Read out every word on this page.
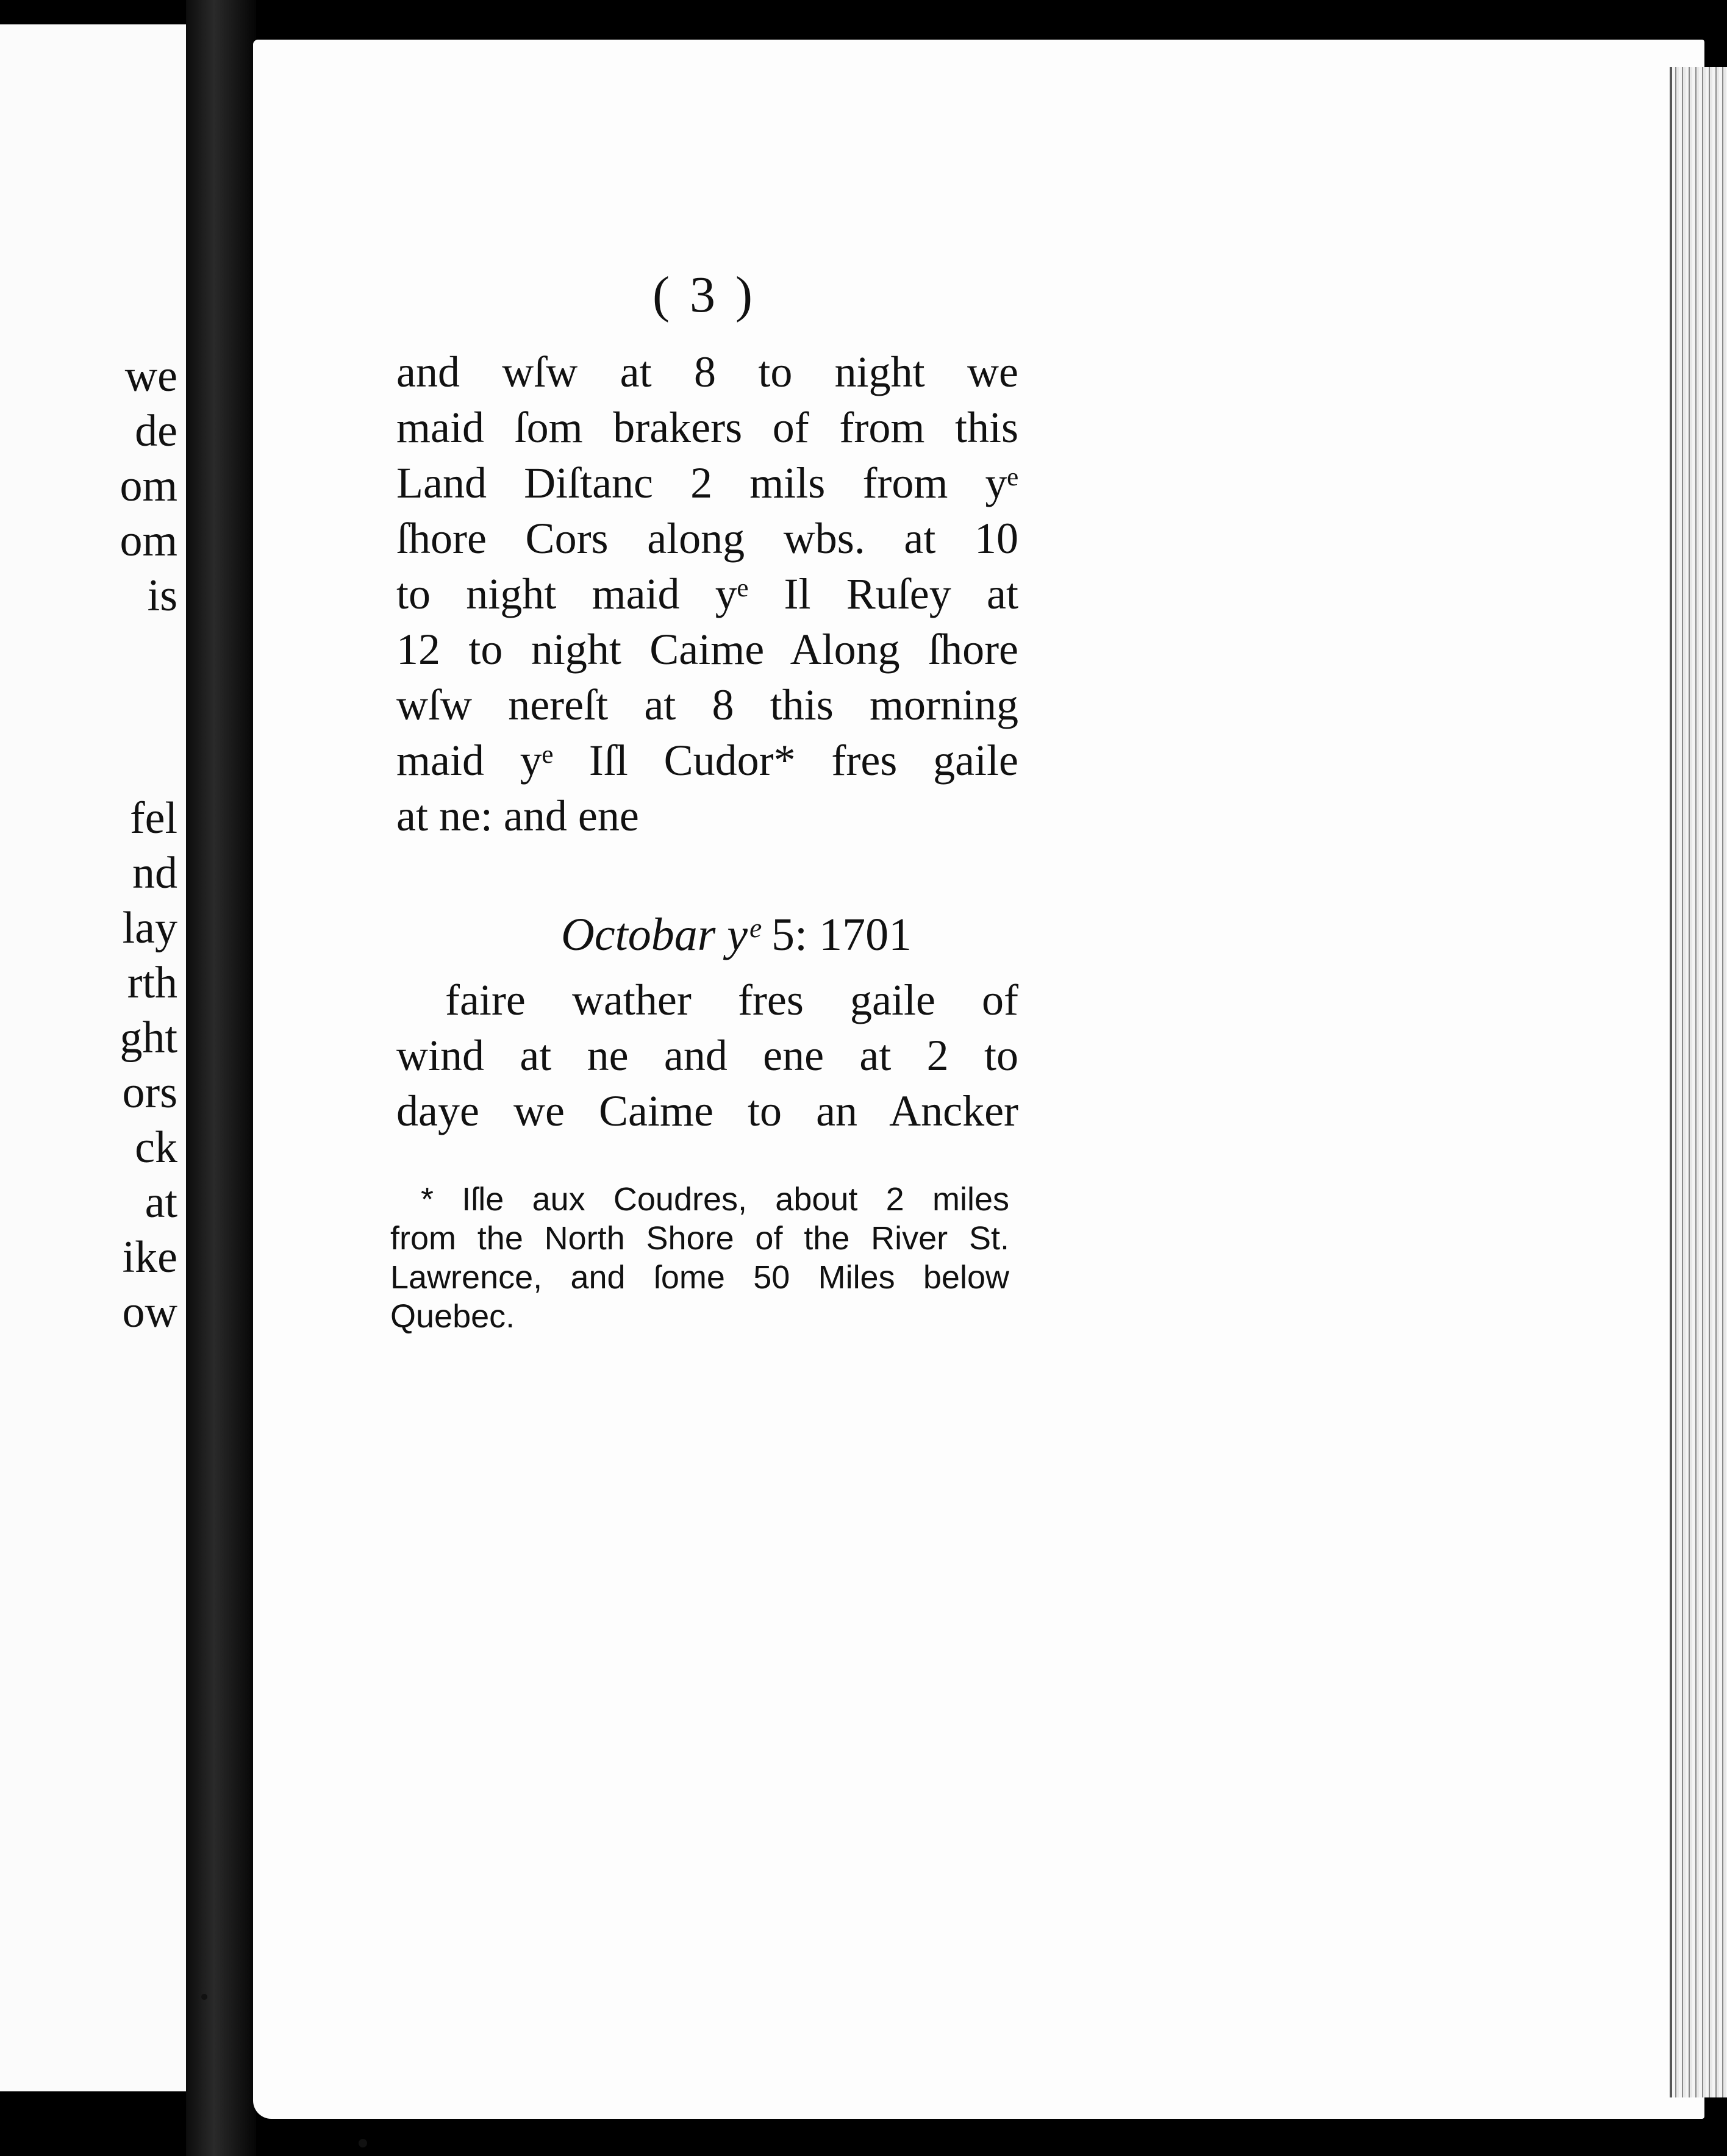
we
de
om
om
is
fel
nd
lay
rth
ght
ors
ck
at
ike
ow
( 3 )
and wſw at 8 to night we
maid ſom brakers of from this
Land Diſtanc 2 mils from yᵉ
ſhore Cors along wbs. at 10
to night maid yᵉ Il Ruſey at
12 to night Caime Along ſhore
wſw nereſt at 8 this morning
maid yᵉ Iſl Cudor* fres gaile
at ne: and ene
Octobar yᵉ 5: 1701
faire wather fres gaile of
wind at ne and ene at 2 to
daye we Caime to an Ancker
* Iſle aux Coudres, about 2 miles
from the North Shore of the River St.
Lawrence, and ſome 50 Miles below
Quebec.
